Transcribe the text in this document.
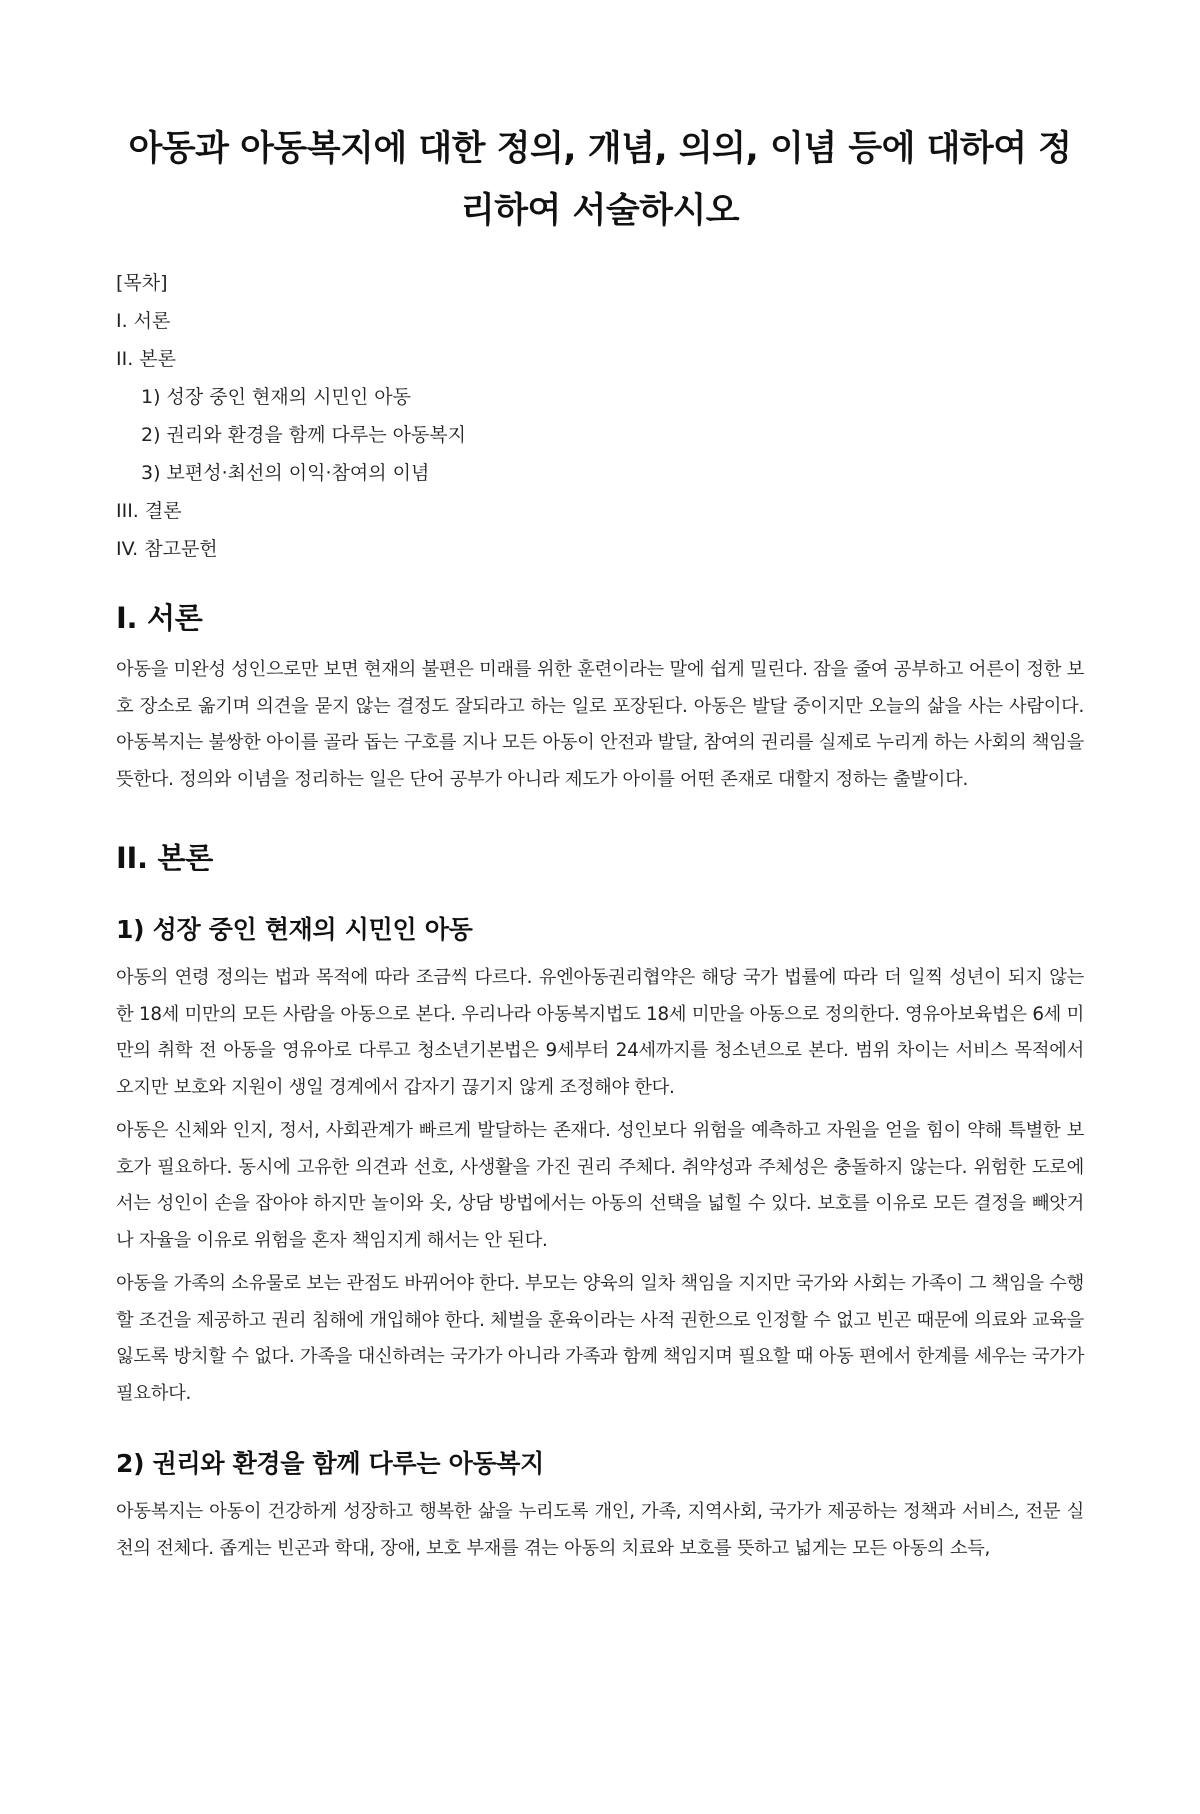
아동과 아동복지에 대한 정의, 개념, 의의, 이념 등에 대하여 정리하여 서술하시오
[목차]
I. 서론
II. 본론
1) 성장 중인 현재의 시민인 아동
2) 권리와 환경을 함께 다루는 아동복지
3) 보편성·최선의 이익·참여의 이념
III. 결론
IV. 참고문헌
I. 서론

아동을 미완성 성인으로만 보면 현재의 불편은 미래를 위한 훈련이라는 말에 쉽게 밀린다. 잠을 줄여 공부하고 어른이 정한 보호 장소로 옮기며 의견을 묻지 않는 결정도 잘되라고 하는 일로 포장된다. 아동은 발달 중이지만 오늘의 삶을 사는 사람이다. 아동복지는 불쌍한 아이를 골라 돕는 구호를 지나 모든 아동이 안전과 발달, 참여의 권리를 실제로 누리게 하는 사회의 책임을 뜻한다. 정의와 이념을 정리하는 일은 단어 공부가 아니라 제도가 아이를 어떤 존재로 대할지 정하는 출발이다.

II. 본론
1) 성장 중인 현재의 시민인 아동

아동의 연령 정의는 법과 목적에 따라 조금씩 다르다. 유엔아동권리협약은 해당 국가 법률에 따라 더 일찍 성년이 되지 않는 한 18세 미만의 모든 사람을 아동으로 본다. 우리나라 아동복지법도 18세 미만을 아동으로 정의한다. 영유아보육법은 6세 미만의 취학 전 아동을 영유아로 다루고 청소년기본법은 9세부터 24세까지를 청소년으로 본다. 범위 차이는 서비스 목적에서 오지만 보호와 지원이 생일 경계에서 갑자기 끊기지 않게 조정해야 한다.

아동은 신체와 인지, 정서, 사회관계가 빠르게 발달하는 존재다. 성인보다 위험을 예측하고 자원을 얻을 힘이 약해 특별한 보호가 필요하다. 동시에 고유한 의견과 선호, 사생활을 가진 권리 주체다. 취약성과 주체성은 충돌하지 않는다. 위험한 도로에서는 성인이 손을 잡아야 하지만 놀이와 옷, 상담 방법에서는 아동의 선택을 넓힐 수 있다. 보호를 이유로 모든 결정을 빼앗거나 자율을 이유로 위험을 혼자 책임지게 해서는 안 된다.

아동을 가족의 소유물로 보는 관점도 바뀌어야 한다. 부모는 양육의 일차 책임을 지지만 국가와 사회는 가족이 그 책임을 수행할 조건을 제공하고 권리 침해에 개입해야 한다. 체벌을 훈육이라는 사적 권한으로 인정할 수 없고 빈곤 때문에 의료와 교육을 잃도록 방치할 수 없다. 가족을 대신하려는 국가가 아니라 가족과 함께 책임지며 필요할 때 아동 편에서 한계를 세우는 국가가 필요하다.

2) 권리와 환경을 함께 다루는 아동복지

아동복지는 아동이 건강하게 성장하고 행복한 삶을 누리도록 개인, 가족, 지역사회, 국가가 제공하는 정책과 서비스, 전문 실천의 전체다. 좁게는 빈곤과 학대, 장애, 보호 부재를 겪는 아동의 치료와 보호를 뜻하고 넓게는 모든 아동의 소득,
